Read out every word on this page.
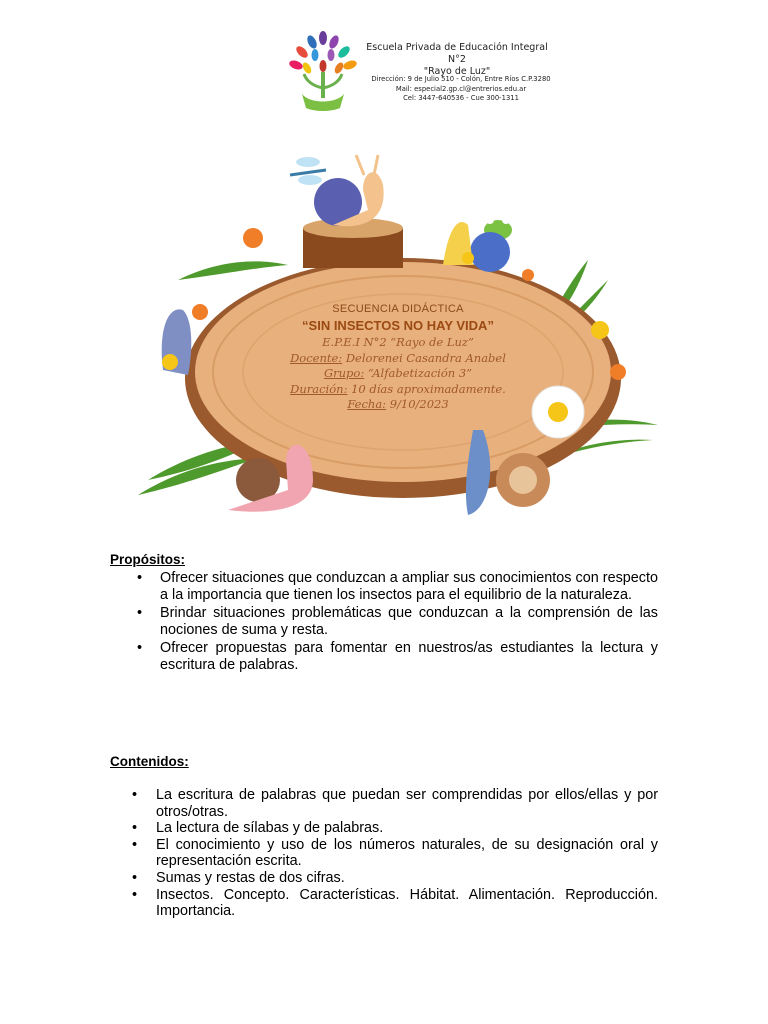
Escuela Privada de Educación Integral N°2
"Rayo de Luz"
Dirección: 9 de Julio 510 - Colón, Entre Ríos C.P.3280
Mail: especial2.gp.cl@entrerios.edu.ar
Cel: 3447-640536 - Cue 300-1311
SECUENCIA DIDÁCTICA
“SIN INSECTOS NO HAY VIDA”
E.P.E.I N°2 “Rayo de Luz”
Docente: Delorenei Casandra Anabel
Grupo: “Alfabetización 3”
Duración: 10 días aproximadamente.
Fecha: 9/10/2023
Propósitos:
• Ofrecer situaciones que conduzcan a ampliar sus conocimientos con respecto a la importancia que tienen los insectos para el equilibrio de la naturaleza.
• Brindar situaciones problemáticas que conduzcan a la comprensión de las nociones de suma y resta.
• Ofrecer propuestas para fomentar en nuestros/as estudiantes la lectura y escritura de palabras.
Contenidos:
• La escritura de palabras que puedan ser comprendidas por ellos/ellas y por otros/otras.
• La lectura de sílabas y de palabras.
• El conocimiento y uso de los números naturales, de su designación oral y representación escrita.
• Sumas y restas de dos cifras.
• Insectos. Concepto. Características. Hábitat. Alimentación. Reproducción. Importancia.
